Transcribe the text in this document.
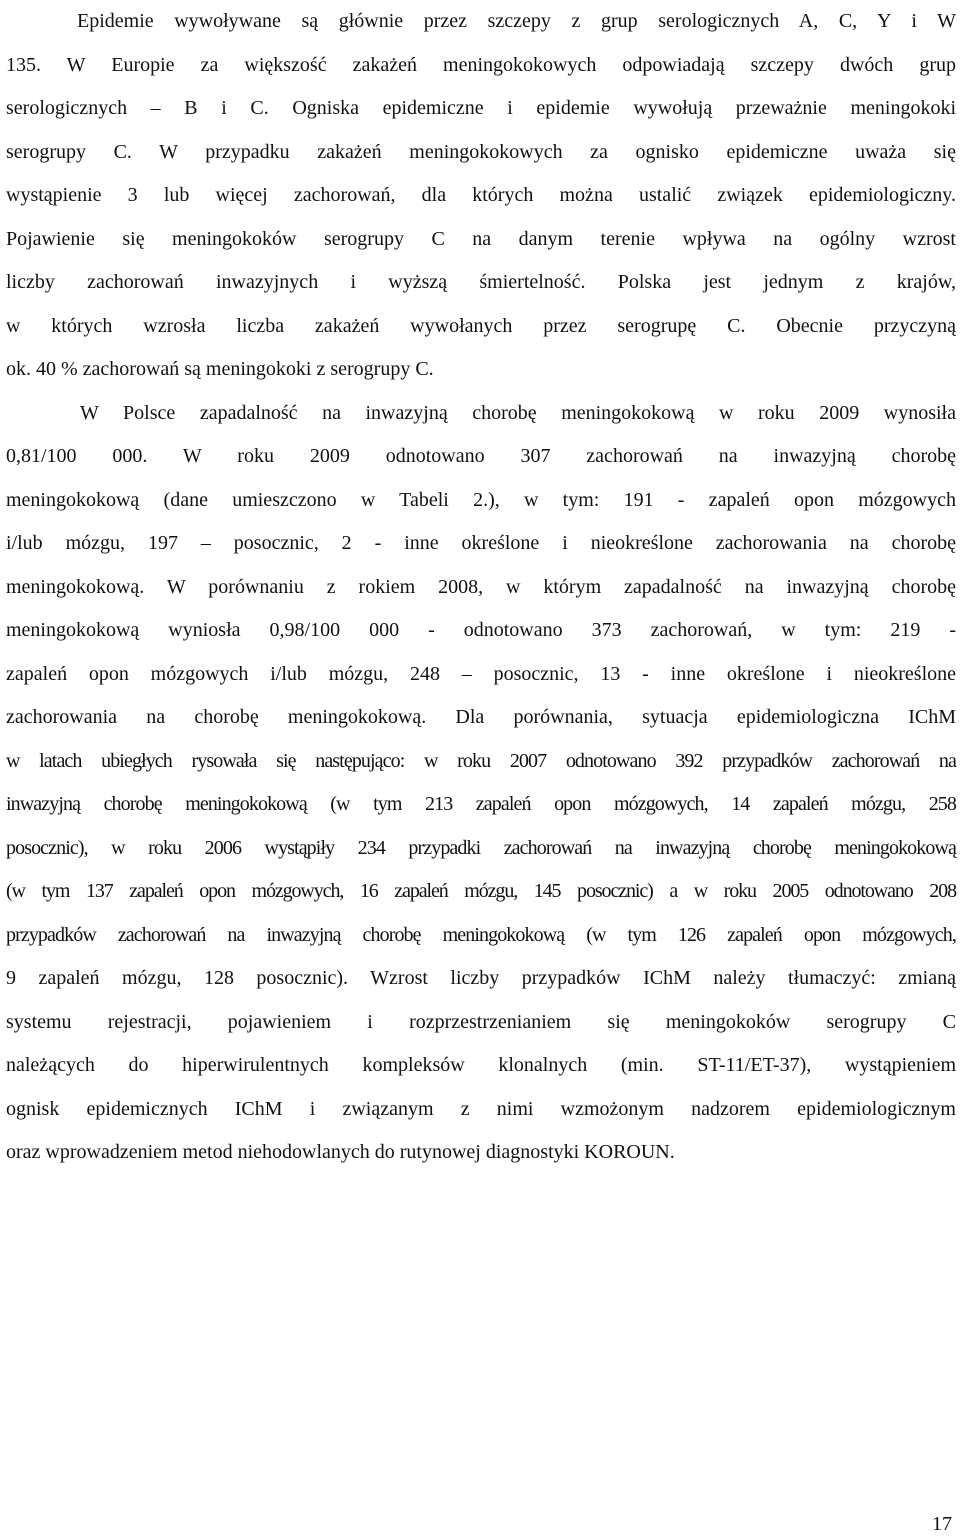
Epidemie wywoływane są głównie przez szczepy z grup serologicznych A, C, Y i W
135. W Europie za większość zakażeń meningokokowych odpowiadają szczepy dwóch grup
serologicznych – B i C. Ogniska epidemiczne i epidemie wywołują przeważnie meningokoki
serogrupy C. W przypadku zakażeń meningokokowych za ognisko epidemiczne uważa się
wystąpienie 3 lub więcej zachorowań, dla których można ustalić związek epidemiologiczny.
Pojawienie się meningokoków serogrupy C na danym terenie wpływa na ogólny wzrost
liczby zachorowań inwazyjnych i wyższą śmiertelność. Polska jest jednym z krajów,
w których wzrosła liczba zakażeń wywołanych przez serogrupę C. Obecnie przyczyną
ok. 40 % zachorowań są meningokoki z serogrupy C.
W Polsce zapadalność na inwazyjną chorobę meningokokową w roku 2009 wynosiła
0,81/100 000. W roku 2009 odnotowano 307 zachorowań na inwazyjną chorobę
meningokokową (dane umieszczono w Tabeli 2.), w tym: 191 - zapaleń opon mózgowych
i/lub mózgu, 197 – posocznic, 2 - inne określone i nieokreślone zachorowania na chorobę
meningokokową. W porównaniu z rokiem 2008, w którym zapadalność na inwazyjną chorobę
meningokokową wyniosła 0,98/100 000 - odnotowano 373 zachorowań, w tym: 219 -
zapaleń opon mózgowych i/lub mózgu, 248 – posocznic, 13 - inne określone i nieokreślone
zachorowania na chorobę meningokokową. Dla porównania, sytuacja epidemiologiczna IChM
w latach ubiegłych rysowała się następująco: w roku 2007 odnotowano 392 przypadków zachorowań na
inwazyjną chorobę meningokokową (w tym 213 zapaleń opon mózgowych, 14 zapaleń mózgu, 258
posocznic), w roku 2006 wystąpiły 234 przypadki zachorowań na inwazyjną chorobę meningokokową
(w tym 137 zapaleń opon mózgowych, 16 zapaleń mózgu, 145 posocznic) a w roku 2005 odnotowano 208
przypadków zachorowań na inwazyjną chorobę meningokokową (w tym 126 zapaleń opon mózgowych,
9 zapaleń mózgu, 128 posocznic). Wzrost liczby przypadków IChM należy tłumaczyć: zmianą
systemu rejestracji, pojawieniem i rozprzestrzenianiem się meningokoków serogrupy C
należących do hiperwirulentnych kompleksów klonalnych (min. ST-11/ET-37), wystąpieniem
ognisk epidemicznych IChM i związanym z nimi wzmożonym nadzorem epidemiologicznym
oraz wprowadzeniem metod niehodowlanych do rutynowej diagnostyki KOROUN.
17
